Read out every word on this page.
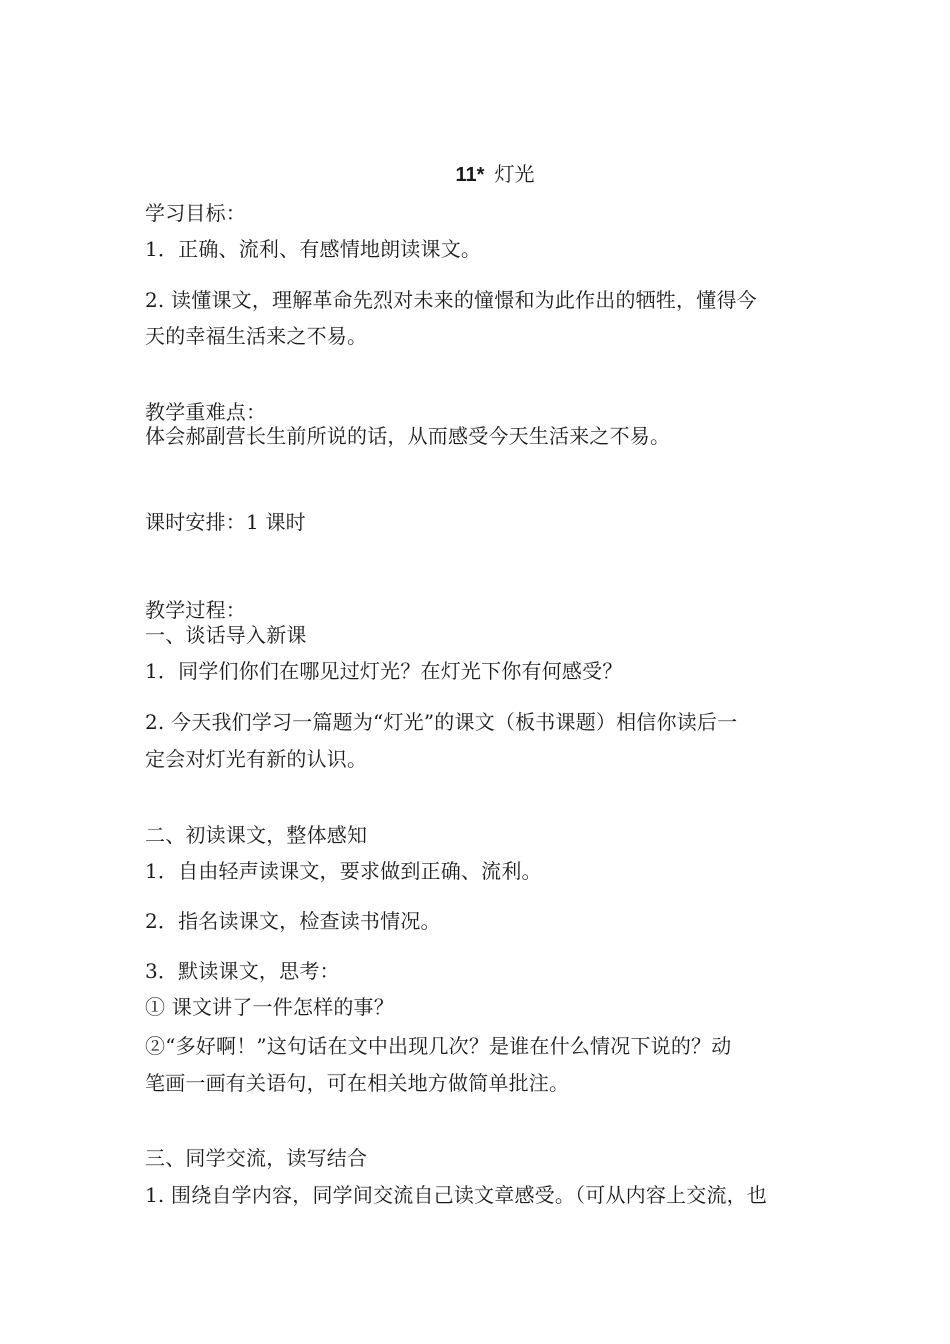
11* 灯光
学习目标：
1．正确、流利、有感情地朗读课文。
2. 读懂课文，理解革命先烈对未来的憧憬和为此作出的牺牲，懂得今
天的幸福生活来之不易。
教学重难点：
体会郝副营长生前所说的话，从而感受今天生活来之不易。
课时安排：1 课时
教学过程：
一、谈话导入新课
1．同学们你们在哪见过灯光？在灯光下你有何感受？
2. 今天我们学习一篇题为“灯光”的课文（板书课题）相信你读后一
定会对灯光有新的认识。
二、初读课文，整体感知
1．自由轻声读课文，要求做到正确、流利。
2．指名读课文，检查读书情况。
3．默读课文，思考：
① 课文讲了一件怎样的事？
②“多好啊！”这句话在文中出现几次？是谁在什么情况下说的？动
笔画一画有关语句，可在相关地方做简单批注。
三、同学交流，读写结合
1. 围绕自学内容，同学间交流自己读文章感受。（可从内容上交流，也
